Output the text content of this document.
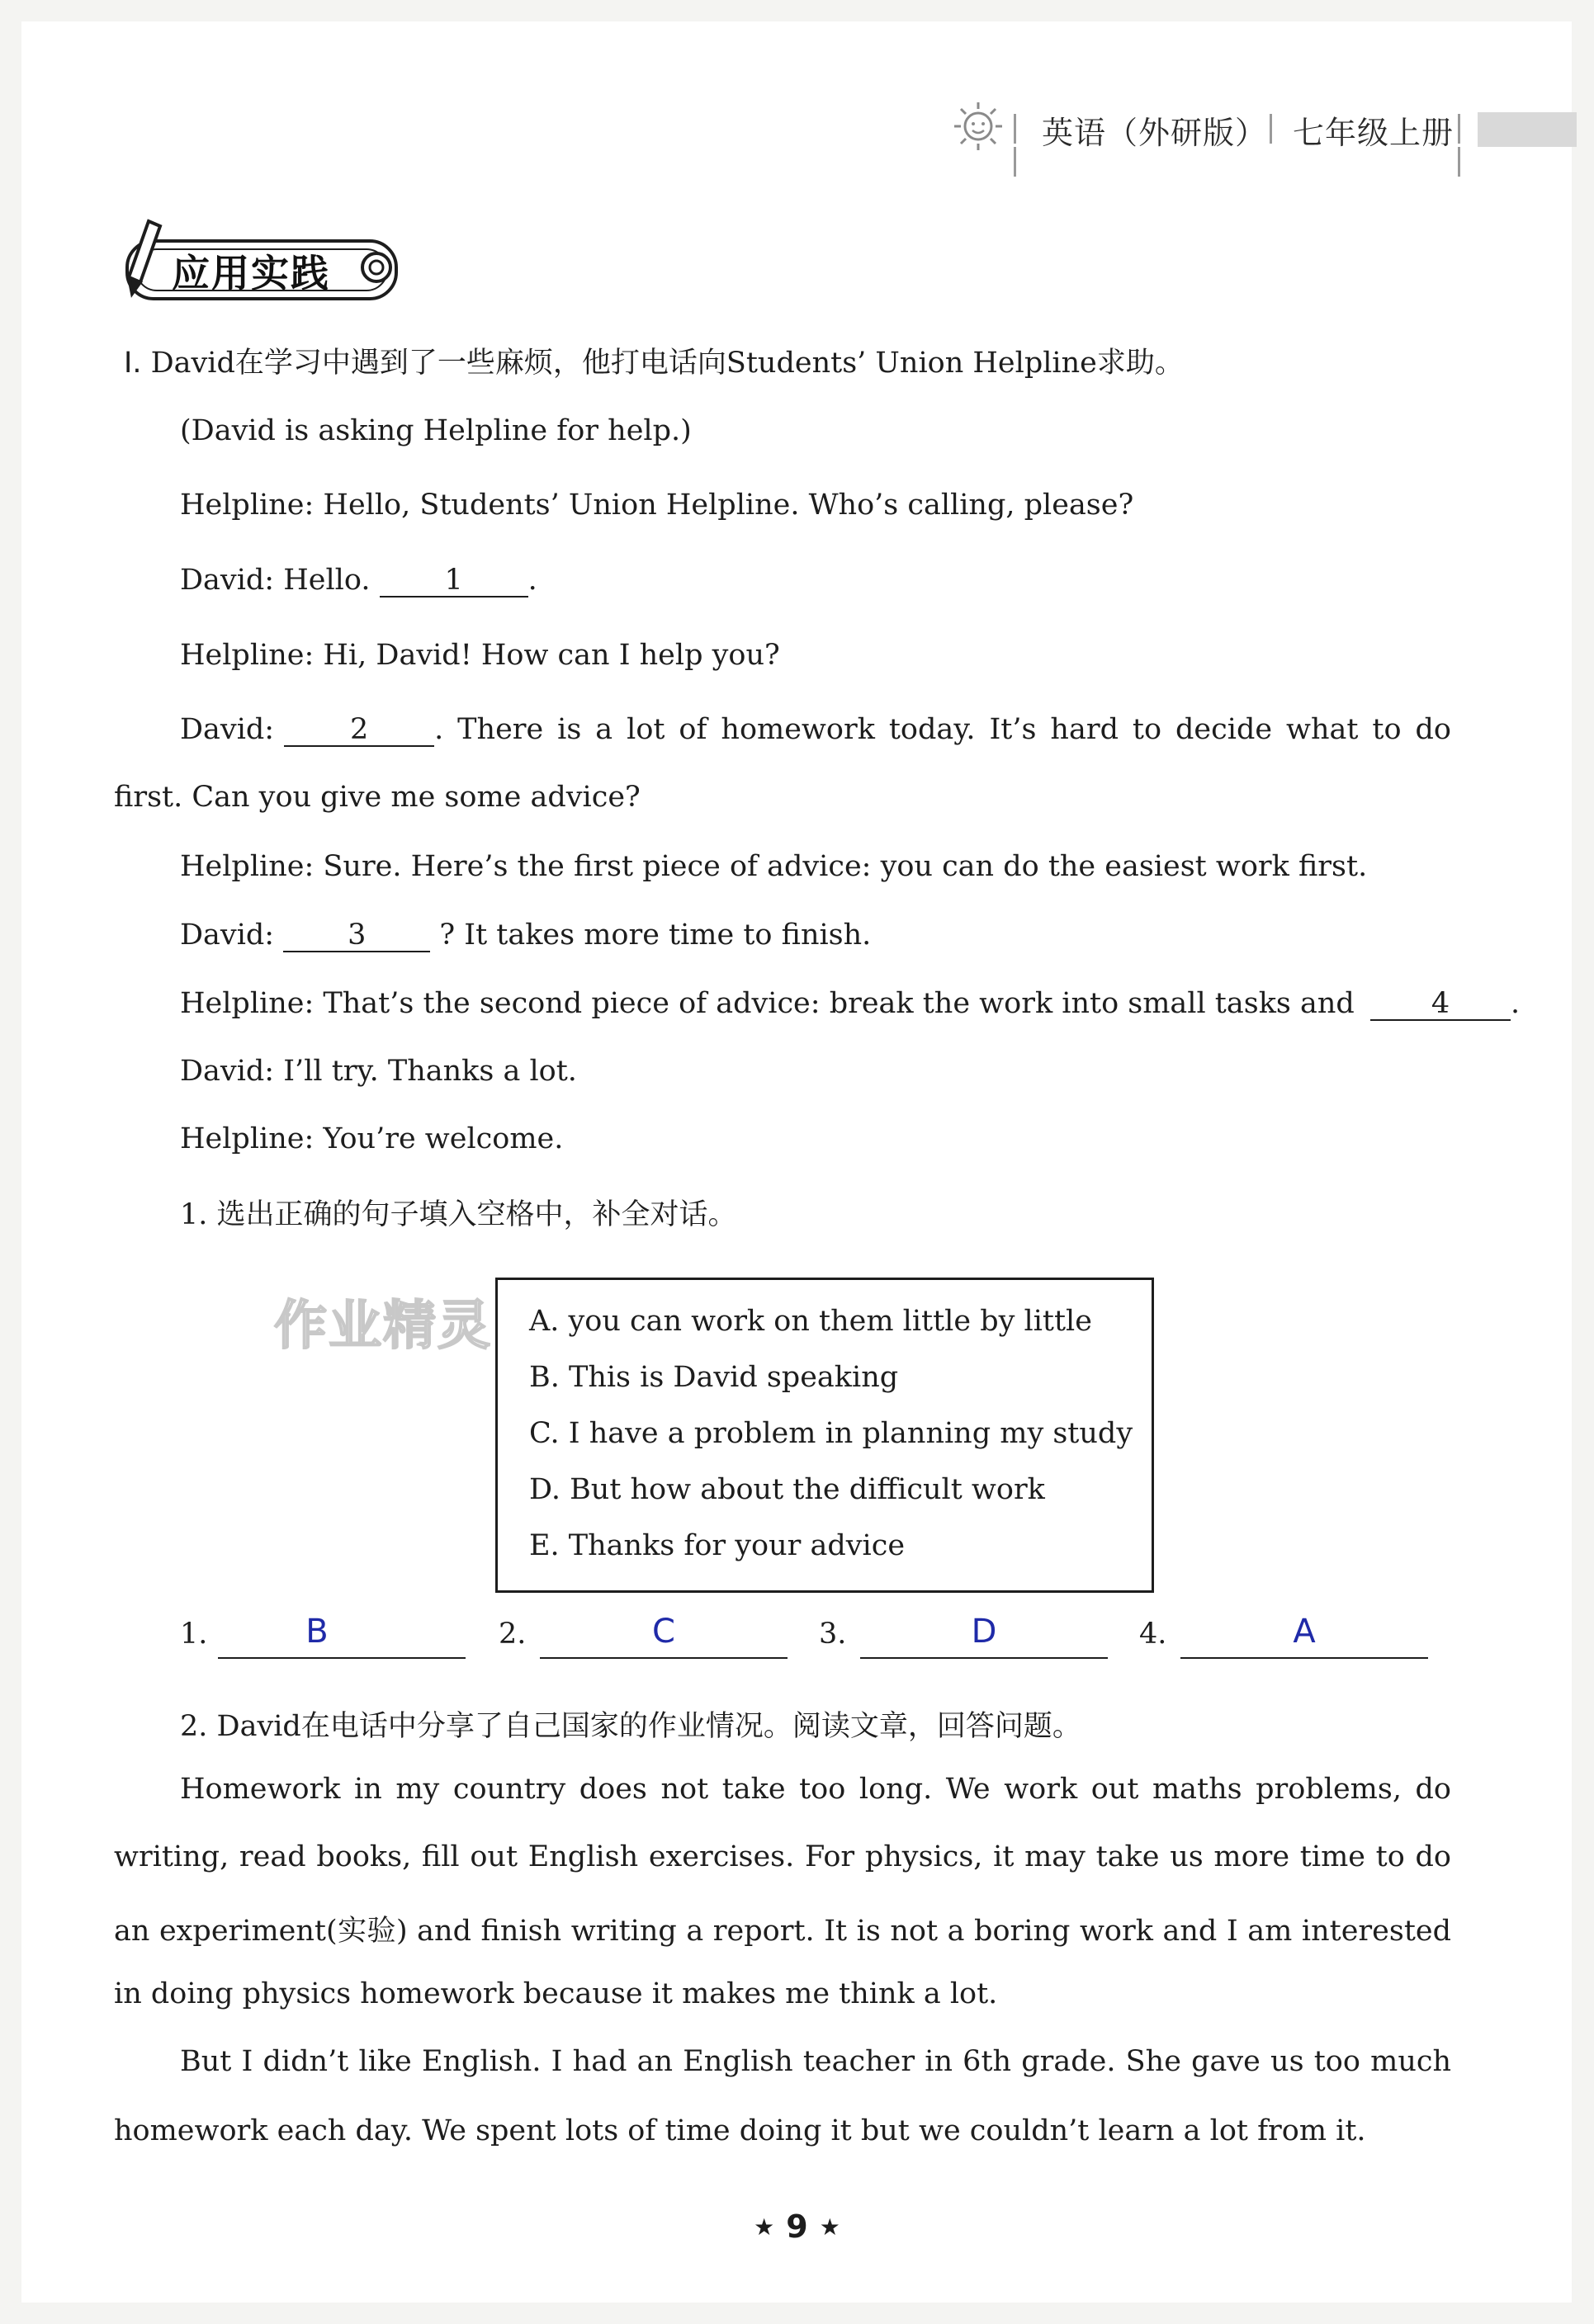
英语（外研版） 七年级上册
应用实践
Ⅰ. David在学习中遇到了一些麻烦，他打电话向Students’ Union Helpline求助。
(David is asking Helpline for help.)
Helpline: Hello, Students’ Union Helpline. Who’s calling, please?
David: Hello.	1 .
Helpline: Hi, David! How can I help you?
David:	2	. There is a lot of homework today. It’s hard to decide what to do
first. Can you give me some advice?
Helpline: Sure. Here’s the first piece of advice: you can do the easiest work first.
David:	3	? It takes more time to finish.
Helpline: That’s the second piece of advice: break the work into small tasks and	4 .
David: I’ll try. Thanks a lot.
Helpline: You’re welcome.
1. 选出正确的句子填入空格中，补全对话。
作业精灵 A. you can work on them little by little
B. This is David speaking
C. I have a problem in planning my study
D. But how about the difficult work
E. Thanks for your advice
1.	B	2.	C	3.	D	4.	A
2. David在电话中分享了自己国家的作业情况。阅读文章，回答问题。
Homework in my country does not take too long. We work out maths problems, do
writing, read books, fill out English exercises. For physics, it may take us more time to do
an experiment(实验) and finish writing a report. It is not a boring work and I am interested
in doing physics homework because it makes me think a lot.
But I didn’t like English. I had an English teacher in 6th grade. She gave us too much
homework each day. We spent lots of time doing it but we couldn’t learn a lot from it.
★ 9 ★
